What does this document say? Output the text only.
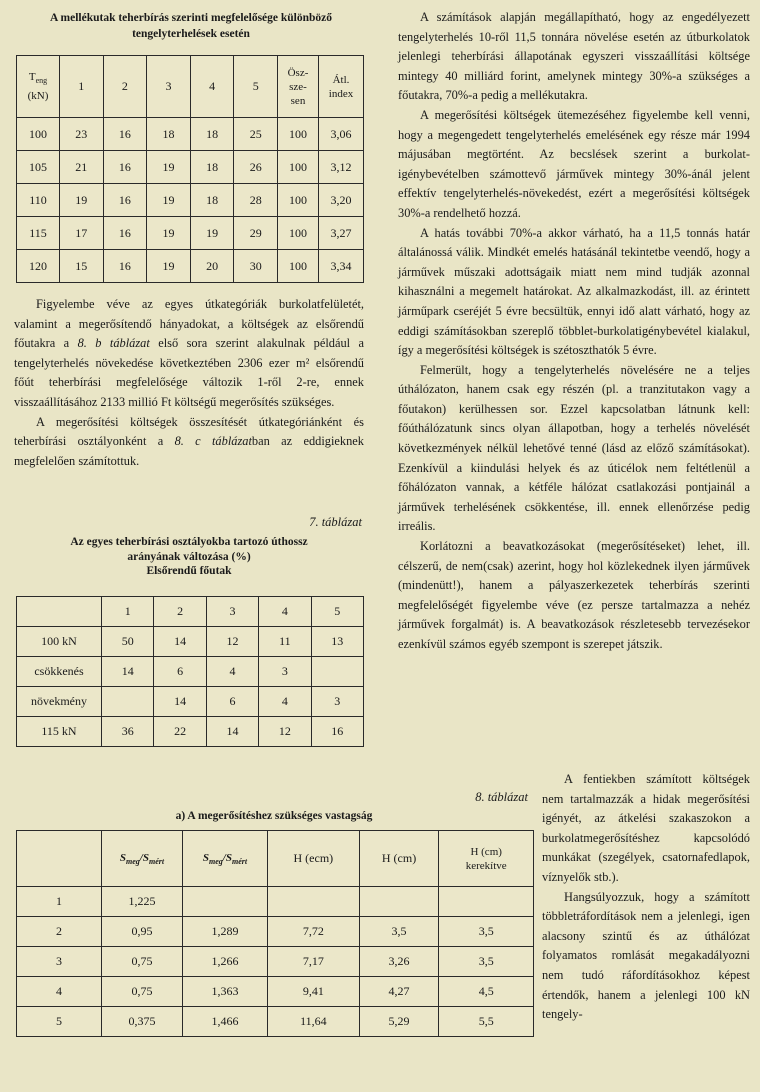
A mellékutak teherbírás szerinti megfelelősége különböző
tengelyterhelések esetén
$T_{eng}$
(kN)	1	2	3	4	5	Ösz-
sze-
sen	Átl.
index
100	23	16	18	18	25	100	3,06
105	21	16	19	18	26	100	3,12
110	19	16	19	18	28	100	3,20
115	17	16	19	19	29	100	3,27
120	15	16	19	20	30	100	3,34

Figyelembe véve az egyes útkategóriák burkolatfelületét, valamint a megerősítendő hányadokat, a költségek az elsőrendű főutakra a 8. b táblázat első sora szerint alakulnak például a tengelyterhelés növekedése következtében 2306 ezer m² elsőrendű főút teherbírási megfelelősége változik 1-ről 2-re, ennek visszaállításához 2133 millió Ft költségű megerősítés szükséges.

A megerősítési költségek összesítését útkategóriánként és teherbírási osztályonként a 8. c táblázatban az eddigieknek megfelelően számítottuk.

7. táblázat
Az egyes teherbírási osztályokba tartozó úthossz
arányának változása (%)
Elsőrendű főutak
	1	2	3	4	5
100 kN	50	14	12	11	13
csökkenés	14	6	4	3	
növekmény		14	6	4	3
115 kN	36	22	14	12	16
8. táblázat
a) A megerősítéshez szükséges vastagság
	$S_{meg}/S_{mért}$	$S_{meg}/S_{mért}$	H (ecm)	H (cm)	H (cm)
kerekítve
1	1,225				
2	0,95	1,289	7,72	3,5	3,5
3	0,75	1,266	7,17	3,26	3,5
4	0,75	1,363	9,41	4,27	4,5
5	0,375	1,466	11,64	5,29	5,5

A számítások alapján megállapítható, hogy az engedélyezett tengelyterhelés 10-ről 11,5 tonnára növelése esetén az útburkolatok jelenlegi teherbírási állapotának egyszeri visszaállítási költsége mintegy 40 milliárd forint, amelynek mintegy 30%-a szükséges a főutakra, 70%-a pedig a mellékutakra.

A megerősítési költségek ütemezéséhez figyelembe kell venni, hogy a megengedett tengelyterhelés emelésének egy része már 1994 májusában megtörtént. Az becslések szerint a burkolat-igénybevételben számottevő járművek mintegy 30%-ánál jelent effektív tengelyterhelés-növekedést, ezért a megerősítési költségek 30%-a rendelhető hozzá.

A hatás további 70%-a akkor várható, ha a 11,5 tonnás határ általánossá válik. Mindkét emelés hatásánál tekintetbe veendő, hogy a járművek műszaki adottságaik miatt nem mind tudják azonnal kihasználni a megemelt határokat. Az alkalmazkodást, ill. az érintett járműpark cseréjét 5 évre becsültük, ennyi idő alatt várható, hogy az eddigi számításokban szereplő többlet-burkolatigénybevétel kialakul, így a megerősítési költségek is szétoszthatók 5 évre.

Felmerült, hogy a tengelyterhelés növelésére ne a teljes úthálózaton, hanem csak egy részén (pl. a tranzitutakon vagy a főutakon) kerülhessen sor. Ezzel kapcsolatban látnunk kell: főúthálózatunk sincs olyan állapotban, hogy a terhelés növelését következmények nélkül lehetővé tenné (lásd az előző számításokat). Ezenkívül a kiindulási helyek és az úticélok nem feltétlenül a főhálózaton vannak, a kétféle hálózat csatlakozási pontjainál a járművek terhelésének csökkentése, ill. ennek ellenőrzése pedig irreális.

Korlátozni a beavatkozásokat (megerősítéseket) lehet, ill. célszerű, de nem(csak) azerint, hogy hol közlekednek ilyen járművek (mindenütt!), hanem a pályaszerkezetek teherbírás szerinti megfelelőségét figyelembe véve (ez persze tartalmazza a nehéz járművek forgalmát) is. A beavatkozások részletesebb tervezésekor ezenkívül számos egyéb szempont is szerepet játszik.

A fentiekben számított költségek nem tartalmazzák a hidak megerősítési igényét, az átkelési szakaszokon a burkolatmegerősítéshez kapcsolódó munkákat (szegélyek, csatornafedlapok, víznyelők stb.).

Hangsúlyozzuk, hogy a számított többletráfordítások nem a jelenlegi, igen alacsony szintű és az úthálózat folyamatos romlását megakadályozni nem tudó ráfordításokhoz képest értendők, hanem a jelenlegi 100 kN tengely-
